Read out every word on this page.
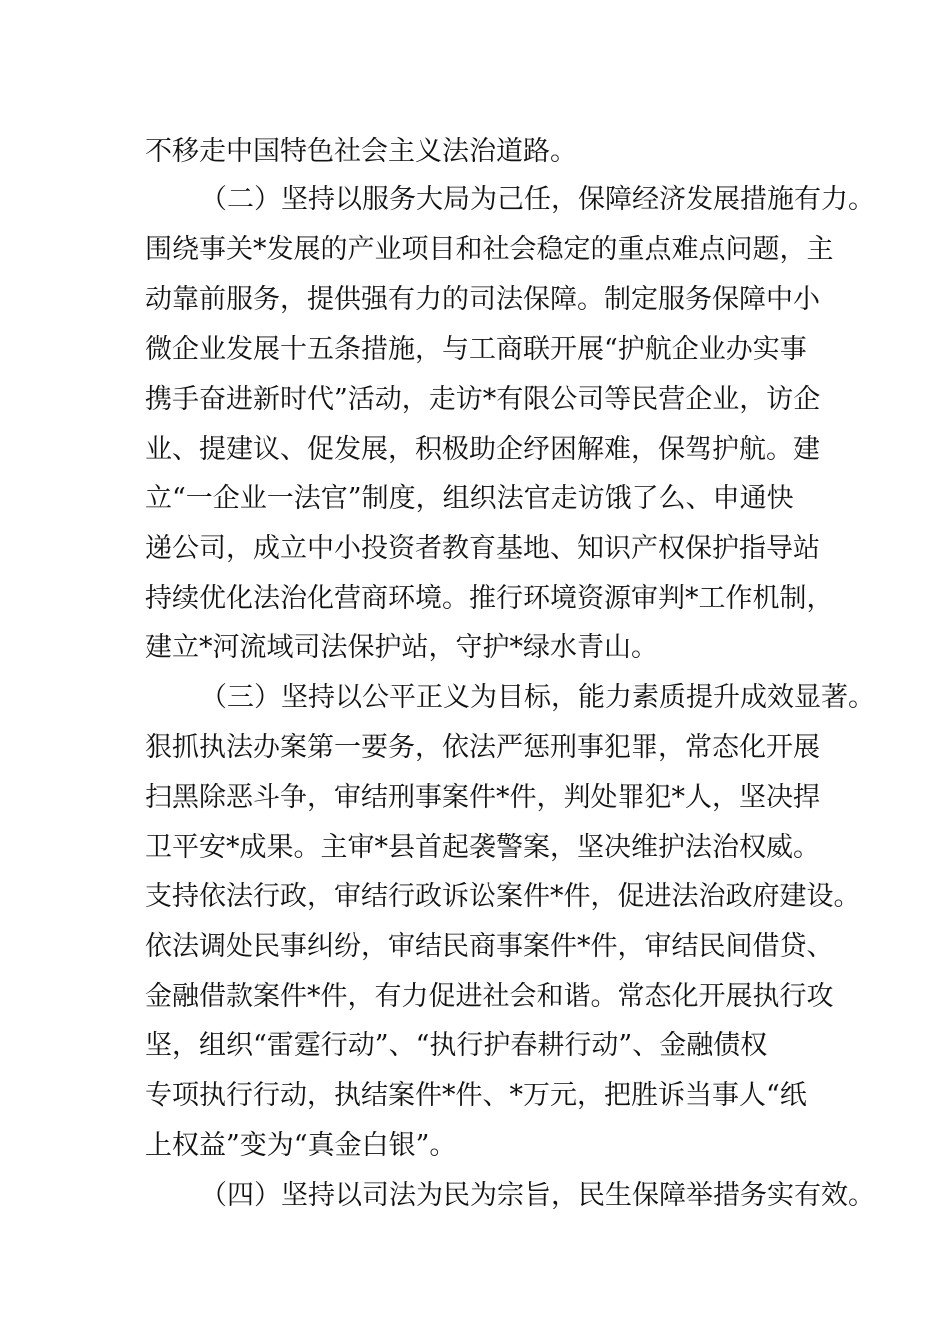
不移走中国特色社会主义法治道路。
（二）坚持以服务大局为己任，保障经济发展措施有力。
围绕事关*发展的产业项目和社会稳定的重点难点问题，主
动靠前服务，提供强有力的司法保障。制定服务保障中小
微企业发展十五条措施，与工商联开展“护航企业办实事
携手奋进新时代”活动，走访*有限公司等民营企业，访企
业、提建议、促发展，积极助企纾困解难，保驾护航。建
立“一企业一法官”制度，组织法官走访饿了么、申通快
递公司，成立中小投资者教育基地、知识产权保护指导站
持续优化法治化营商环境。推行环境资源审判*工作机制，
建立*河流域司法保护站，守护*绿水青山。
（三）坚持以公平正义为目标，能力素质提升成效显著。
狠抓执法办案第一要务，依法严惩刑事犯罪，常态化开展
扫黑除恶斗争，审结刑事案件*件，判处罪犯*人，坚决捍
卫平安*成果。主审*县首起袭警案，坚决维护法治权威。
支持依法行政，审结行政诉讼案件*件，促进法治政府建设。
依法调处民事纠纷，审结民商事案件*件，审结民间借贷、
金融借款案件*件，有力促进社会和谐。常态化开展执行攻
坚，组织“雷霆行动”、“执行护春耕行动”、金融债权
专项执行行动，执结案件*件、*万元，把胜诉当事人“纸
上权益”变为“真金白银”。
（四）坚持以司法为民为宗旨，民生保障举措务实有效。
